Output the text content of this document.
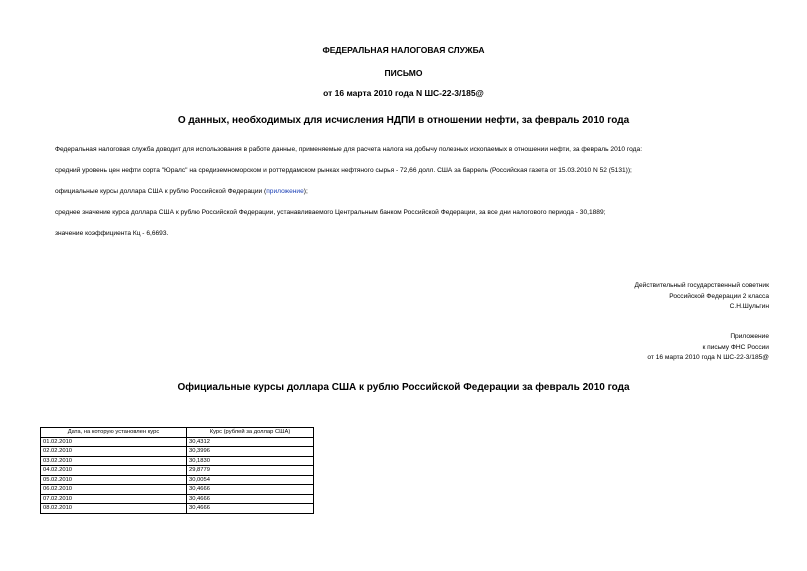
ФЕДЕРАЛЬНАЯ НАЛОГОВАЯ СЛУЖБА
ПИСЬМО
от 16 марта 2010 года N ШС-22-3/185@
О данных, необходимых для исчисления НДПИ в отношении нефти, за февраль 2010 года
Федеральная налоговая служба доводит для использования в работе данные, применяемые для расчета налога на добычу полезных ископаемых в отношении нефти, за февраль 2010 года:
средний уровень цен нефти сорта "Юралс" на средиземноморском и роттердамском рынках нефтяного сырья - 72,66 долл. США за баррель (Российская газета от 15.03.2010 N 52 (5131));
официальные курсы доллара США к рублю Российской Федерации (приложение);
среднее значение курса доллара США к рублю Российской Федерации, устанавливаемого Центральным банком Российской Федерации, за все дни налогового периода - 30,1889;
значение коэффициента Кц - 6,6693.
Действительный государственный советник
Российской Федерации 2 класса
С.Н.Шульгин
Приложение
к письму ФНС России
от 16 марта 2010 года N ШС-22-3/185@
Официальные курсы доллара США к рублю Российской Федерации за февраль 2010 года
Дата, на которую установлен курс	Курс (рублей за доллар США)
01.02.2010	30,4312
02.02.2010	30,3996
03.02.2010	30,1830
04.02.2010	29,8779
05.02.2010	30,0054
06.02.2010	30,4666
07.02.2010	30,4666
08.02.2010	30,4666
